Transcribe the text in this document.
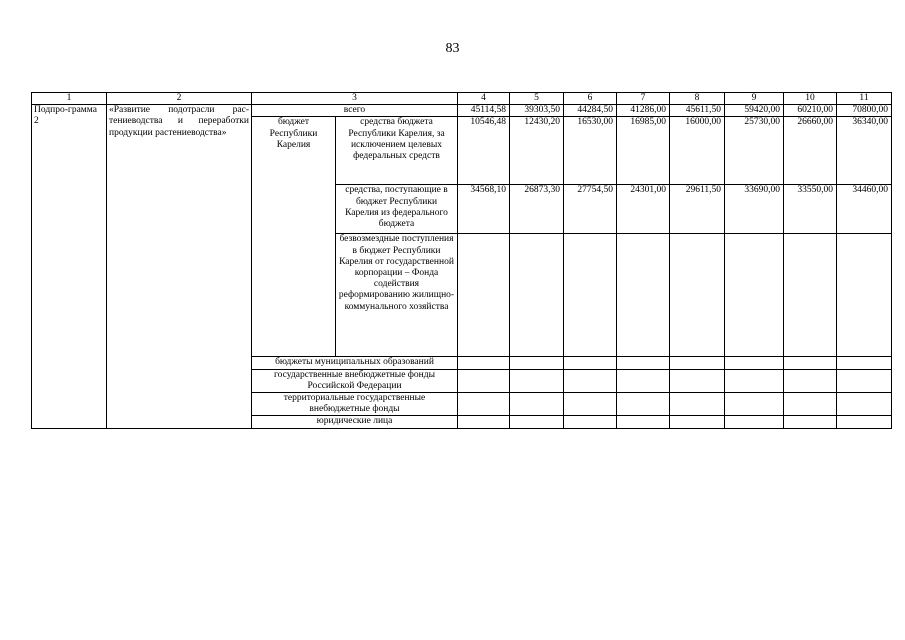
83
1	2	3		4	5	6	7	8	9	10	11
Подпро-грамма 2	«Развитие подотрасли рас-тениеводства и переработки продукции растениеводства»	всего		45114,58	39303,50	44284,50	41286,00	45611,50	59420,00	60210,00	70800,00
		бюджет Республики Карелия	средства бюджета Республики Карелия, за исключением целевых федеральных средств	10546,48	12430,20	16530,00	16985,00	16000,00	25730,00	26660,00	36340,00
			средства, поступающие в бюджет Республики Карелия из федерального бюджета	34568,10	26873,30	27754,50	24301,00	29611,50	33690,00	33550,00	34460,00
			безвозмездные поступления в бюджет Республики Карелия от государственной корпорации – Фонда содействия реформированию жилищно-коммунального хозяйства								
		бюджеты муниципальных образований									
		государственные внебюджетные фонды Российской Федерации									
		территориальные государственные внебюджетные фонды									
		юридические лица									
